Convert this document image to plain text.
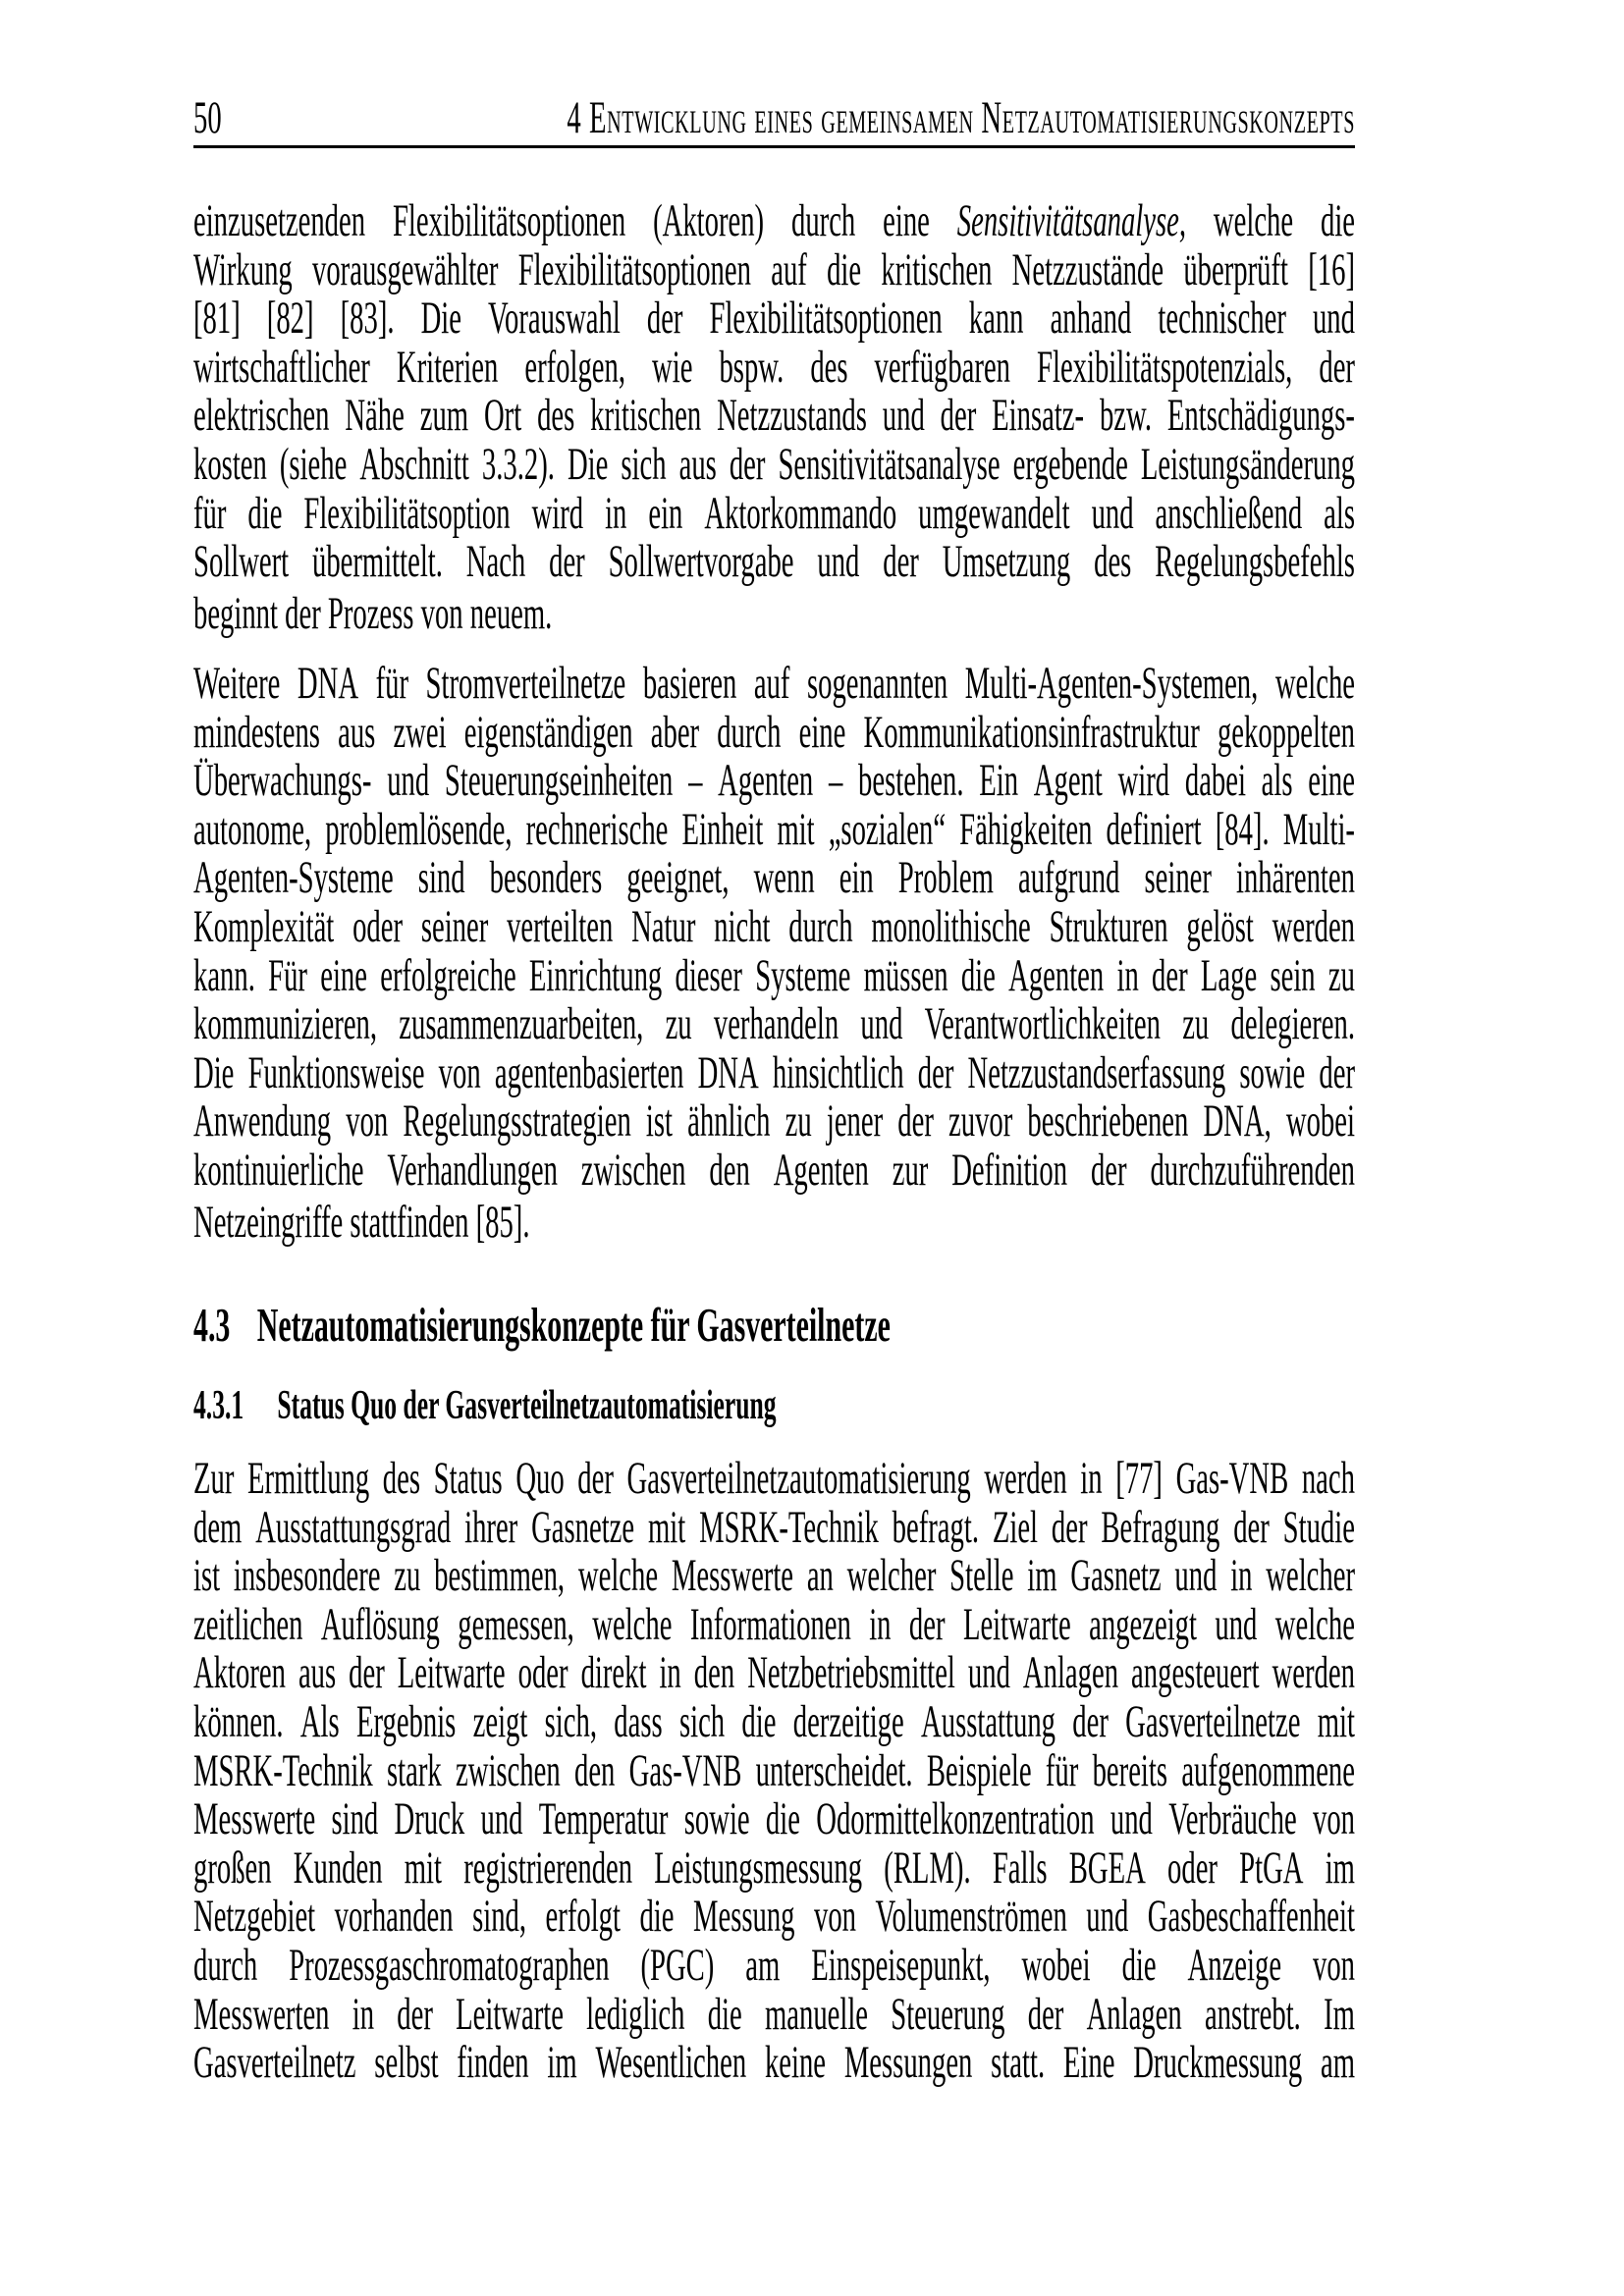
50	4 Entwicklung eines gemeinsamen Netzautomatisierungskonzepts
einzusetzenden Flexibilitätsoptionen (Aktoren) durch eine Sensitivitätsanalyse, welche die
Wirkung vorausgewählter Flexibilitätsoptionen auf die kritischen Netzzustände überprüft [16]
[81] [82] [83]. Die Vorauswahl der Flexibilitätsoptionen kann anhand technischer und
wirtschaftlicher Kriterien erfolgen, wie bspw. des verfügbaren Flexibilitätspotenzials, der
elektrischen Nähe zum Ort des kritischen Netzzustands und der Einsatz- bzw. Entschädigungs-
kosten (siehe Abschnitt 3.3.2). Die sich aus der Sensitivitätsanalyse ergebende Leistungsänderung
für die Flexibilitätsoption wird in ein Aktorkommando umgewandelt und anschließend als
Sollwert übermittelt. Nach der Sollwertvorgabe und der Umsetzung des Regelungsbefehls
beginnt der Prozess von neuem.
Weitere DNA für Stromverteilnetze basieren auf sogenannten Multi-Agenten-Systemen, welche
mindestens aus zwei eigenständigen aber durch eine Kommunikationsinfrastruktur gekoppelten
Überwachungs- und Steuerungseinheiten – Agenten – bestehen. Ein Agent wird dabei als eine
autonome, problemlösende, rechnerische Einheit mit „sozialen“ Fähigkeiten definiert [84]. Multi-
Agenten-Systeme sind besonders geeignet, wenn ein Problem aufgrund seiner inhärenten
Komplexität oder seiner verteilten Natur nicht durch monolithische Strukturen gelöst werden
kann. Für eine erfolgreiche Einrichtung dieser Systeme müssen die Agenten in der Lage sein zu
kommunizieren, zusammenzuarbeiten, zu verhandeln und Verantwortlichkeiten zu delegieren.
Die Funktionsweise von agentenbasierten DNA hinsichtlich der Netzzustandserfassung sowie der
Anwendung von Regelungsstrategien ist ähnlich zu jener der zuvor beschriebenen DNA, wobei
kontinuierliche Verhandlungen zwischen den Agenten zur Definition der durchzuführenden
Netzeingriffe stattfinden [85].
4.3 Netzautomatisierungskonzepte für Gasverteilnetze
4.3.1 Status Quo der Gasverteilnetzautomatisierung
Zur Ermittlung des Status Quo der Gasverteilnetzautomatisierung werden in [77] Gas-VNB nach
dem Ausstattungsgrad ihrer Gasnetze mit MSRK-Technik befragt. Ziel der Befragung der Studie
ist insbesondere zu bestimmen, welche Messwerte an welcher Stelle im Gasnetz und in welcher
zeitlichen Auflösung gemessen, welche Informationen in der Leitwarte angezeigt und welche
Aktoren aus der Leitwarte oder direkt in den Netzbetriebsmittel und Anlagen angesteuert werden
können. Als Ergebnis zeigt sich, dass sich die derzeitige Ausstattung der Gasverteilnetze mit
MSRK-Technik stark zwischen den Gas-VNB unterscheidet. Beispiele für bereits aufgenommene
Messwerte sind Druck und Temperatur sowie die Odormittelkonzentration und Verbräuche von
großen Kunden mit registrierenden Leistungsmessung (RLM). Falls BGEA oder PtGA im
Netzgebiet vorhanden sind, erfolgt die Messung von Volumenströmen und Gasbeschaffenheit
durch Prozessgaschromatographen (PGC) am Einspeisepunkt, wobei die Anzeige von
Messwerten in der Leitwarte lediglich die manuelle Steuerung der Anlagen anstrebt. Im
Gasverteilnetz selbst finden im Wesentlichen keine Messungen statt. Eine Druckmessung am
